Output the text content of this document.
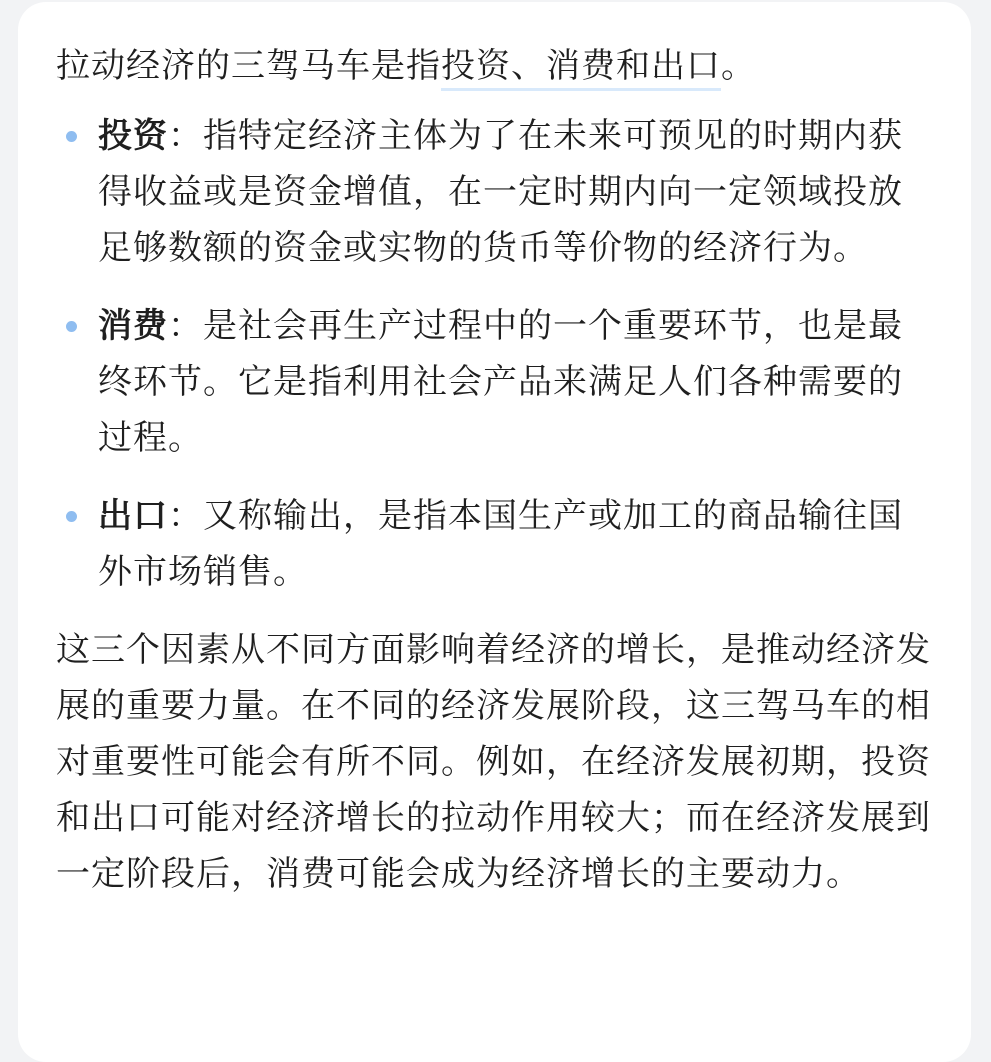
拉动经济的三驾马车是指投资、消费和出口。

投资：指特定经济主体为了在未来可预见的时期内获得收益或是资金增值，在一定时期内向一定领域投放足够数额的资金或实物的货币等价物的经济行为。
消费：是社会再生产过程中的一个重要环节，也是最终环节。它是指利用社会产品来满足人们各种需要的过程。
出口：又称输出，是指本国生产或加工的商品输往国外市场销售。

这三个因素从不同方面影响着经济的增长，是推动经济发展的重要力量。在不同的经济发展阶段，这三驾马车的相对重要性可能会有所不同。例如，在经济发展初期，投资和出口可能对经济增长的拉动作用较大；而在经济发展到一定阶段后，消费可能会成为经济增长的主要动力。
